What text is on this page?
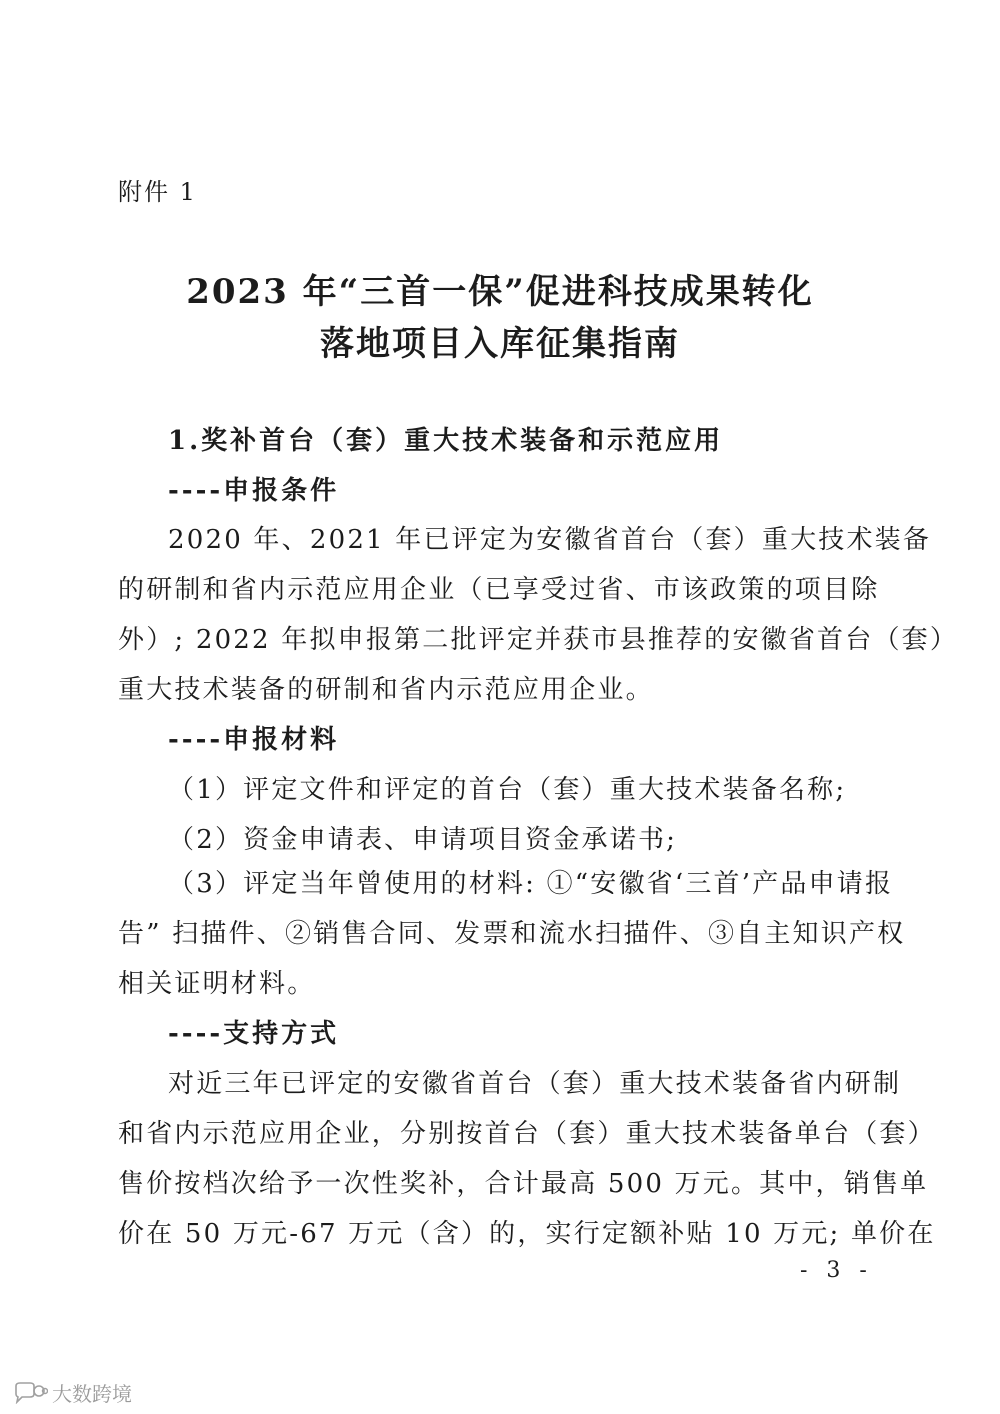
附件 1
2023 年“三首一保”促进科技成果转化
落地项目入库征集指南
1.奖补首台（套）重大技术装备和示范应用
----申报条件
2020 年、2021 年已评定为安徽省首台（套）重大技术装备
的研制和省内示范应用企业（已享受过省、市该政策的项目除
外）; 2022 年拟申报第二批评定并获市县推荐的安徽省首台（套）
重大技术装备的研制和省内示范应用企业。
----申报材料
（1）评定文件和评定的首台（套）重大技术装备名称;
（2）资金申请表、申请项目资金承诺书;
（3）评定当年曾使用的材料: ①“安徽省‘三首’产品申请报
告” 扫描件、②销售合同、发票和流水扫描件、③自主知识产权
相关证明材料。
----支持方式
对近三年已评定的安徽省首台（套）重大技术装备省内研制
和省内示范应用企业，分别按首台（套）重大技术装备单台（套）
售价按档次给予一次性奖补，合计最高 500 万元。其中，销售单
价在 50 万元-67 万元（含）的，实行定额补贴 10 万元; 单价在
- 3 -
大数跨境
